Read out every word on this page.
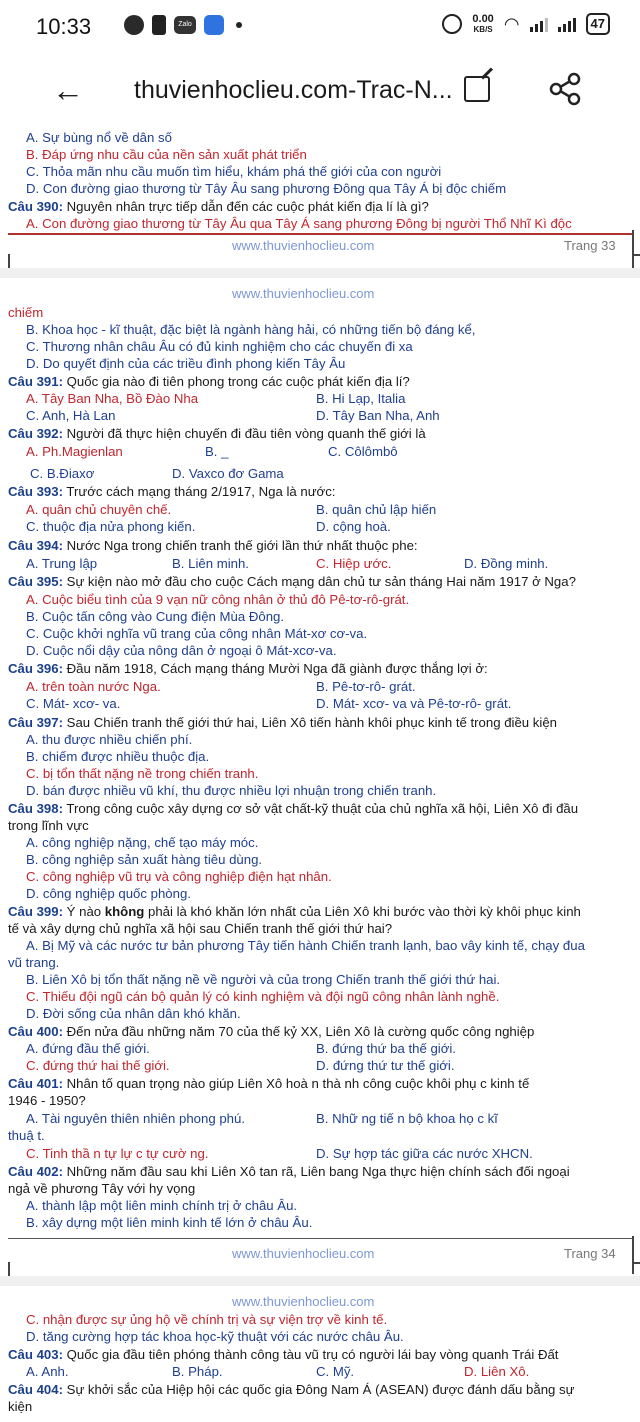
10:33	Zalo	0.00
KB/S ◠	47
← thuvienhoclieu.com-Trac-N...
A. Sự bùng nổ về dân số
B. Đáp ứng nhu cầu của nền sản xuất phát triển
C. Thỏa mãn nhu cầu muốn tìm hiểu, khám phá thế giới của con người
D. Con đường giao thương từ Tây Âu sang phương Đông qua Tây Á bị độc chiếm
Câu 390: Nguyên nhân trực tiếp dẫn đến các cuộc phát kiến địa lí là gì?
A. Con đường giao thương từ Tây Âu qua Tây Á sang phương Đông bị người Thổ Nhĩ Kì độc
www.thuvienhoclieu.com	Trang 33
www.thuvienhoclieu.com
chiếm
B. Khoa học - kĩ thuật, đặc biệt là ngành hàng hải, có những tiến bộ đáng kể,
C. Thương nhân châu Âu có đủ kinh nghiệm cho các chuyến đi xa
D. Do quyết định của các triều đình phong kiến Tây Âu
Câu 391: Quốc gia nào đi tiên phong trong các cuộc phát kiến địa lí?
A. Tây Ban Nha, Bồ Đào Nha	B. Hi Lạp, Italia
C. Anh, Hà Lan	D. Tây Ban Nha, Anh
Câu 392: Người đã thực hiện chuyến đi đầu tiên vòng quanh thế giới là
A. Ph.Magienlan	B. _	C. Côlômbô
C. B.Điaxơ	D. Vaxco đơ Gama
Câu 393: Trước cách mạng tháng 2/1917, Nga là nước:
A. quân chủ chuyên chế.	B. quân chủ lập hiến
C. thuộc địa nửa phong kiến.	D. cộng hoà.
Câu 394: Nước Nga trong chiến tranh thế giới lần thứ nhất thuộc phe:
A. Trung lập	B. Liên minh.	C. Hiệp ước.	D. Đồng minh.
Câu 395: Sự kiện nào mở đầu cho cuộc Cách mạng dân chủ tư sản tháng Hai năm 1917 ở Nga?
A. Cuộc biểu tình của 9 vạn nữ công nhân ở thủ đô Pê-tơ-rô-grát.
B. Cuộc tấn công vào Cung điện Mùa Đông.
C. Cuộc khởi nghĩa vũ trang của công nhân Mát-xơ cơ-va.
D. Cuộc nổi dậy của nông dân ở ngoại ô Mát-xcơ-va.
Câu 396: Đầu năm 1918, Cách mạng tháng Mười Nga đã giành được thắng lợi ở:
A. trên toàn nước Nga.	B. Pê-tơ-rô- grát.
C. Mát- xcơ- va.	D. Mát- xcơ- va và Pê-tơ-rô- grát.
Câu 397: Sau Chiến tranh thế giới thứ hai, Liên Xô tiến hành khôi phục kinh tế trong điều kiện
A. thu được nhiều chiến phí.
B. chiếm được nhiều thuộc địa.
C. bị tổn thất nặng nề trong chiến tranh.
D. bán được nhiều vũ khí, thu được nhiều lợi nhuận trong chiến tranh.
Câu 398: Trong công cuộc xây dựng cơ sở vật chất-kỹ thuật của chủ nghĩa xã hội, Liên Xô đi đầu
trong lĩnh vực
A. công nghiệp nặng, chế tạo máy móc.
B. công nghiệp sản xuất hàng tiêu dùng.
C. công nghiệp vũ trụ và công nghiệp điện hạt nhân.
D. công nghiệp quốc phòng.
Câu 399: Ý nào không phải là khó khăn lớn nhất của Liên Xô khi bước vào thời kỳ khôi phục kinh
tế và xây dựng chủ nghĩa xã hội sau Chiến tranh thế giới thứ hai?
A. Bị Mỹ và các nước tư bản phương Tây tiến hành Chiến tranh lạnh, bao vây kinh tế, chạy đua
vũ trang.
B. Liên Xô bị tổn thất nặng nề về người và của trong Chiến tranh thế giới thứ hai.
C. Thiếu đội ngũ cán bộ quản lý có kinh nghiệm và đội ngũ công nhân lành nghề.
D. Đời sống của nhân dân khó khăn.
Câu 400: Đến nửa đầu những năm 70 của thế kỷ XX, Liên Xô là cường quốc công nghiệp
A. đứng đầu thế giới.	B. đứng thứ ba thế giới.
C. đứng thứ hai thế giới.	D. đứng thứ tư thế giới.
Câu 401: Nhân tố quan trọng nào giúp Liên Xô hoà n thà nh công cuộc khôi phụ c kinh tế
1946 - 1950?
A. Tài nguyên thiên nhiên phong phú.	B. Nhữ ng tiế n bộ khoa họ c kĩ
thuậ t.
C. Tinh thầ n tự lự c tự cườ ng.	D. Sự hợp tác giữa các nước XHCN.
Câu 402: Những năm đầu sau khi Liên Xô tan rã, Liên bang Nga thực hiện chính sách đối ngoại
ngả về phương Tây với hy vọng
A. thành lập một liên minh chính trị ở châu Âu.
B. xây dựng một liên minh kinh tế lớn ở châu Âu.
www.thuvienhoclieu.com	Trang 34
www.thuvienhoclieu.com
C. nhận được sự ủng hộ về chính trị và sự viện trợ về kinh tế.
D. tăng cường hợp tác khoa học-kỹ thuật với các nước châu Âu.
Câu 403: Quốc gia đầu tiên phóng thành công tàu vũ trụ có người lái bay vòng quanh Trái Đất
A. Anh.	B. Pháp.	C. Mỹ.	D. Liên Xô.
Câu 404: Sự khởi sắc của Hiệp hội các quốc gia Đông Nam Á (ASEAN) được đánh dấu bằng sự
kiện
